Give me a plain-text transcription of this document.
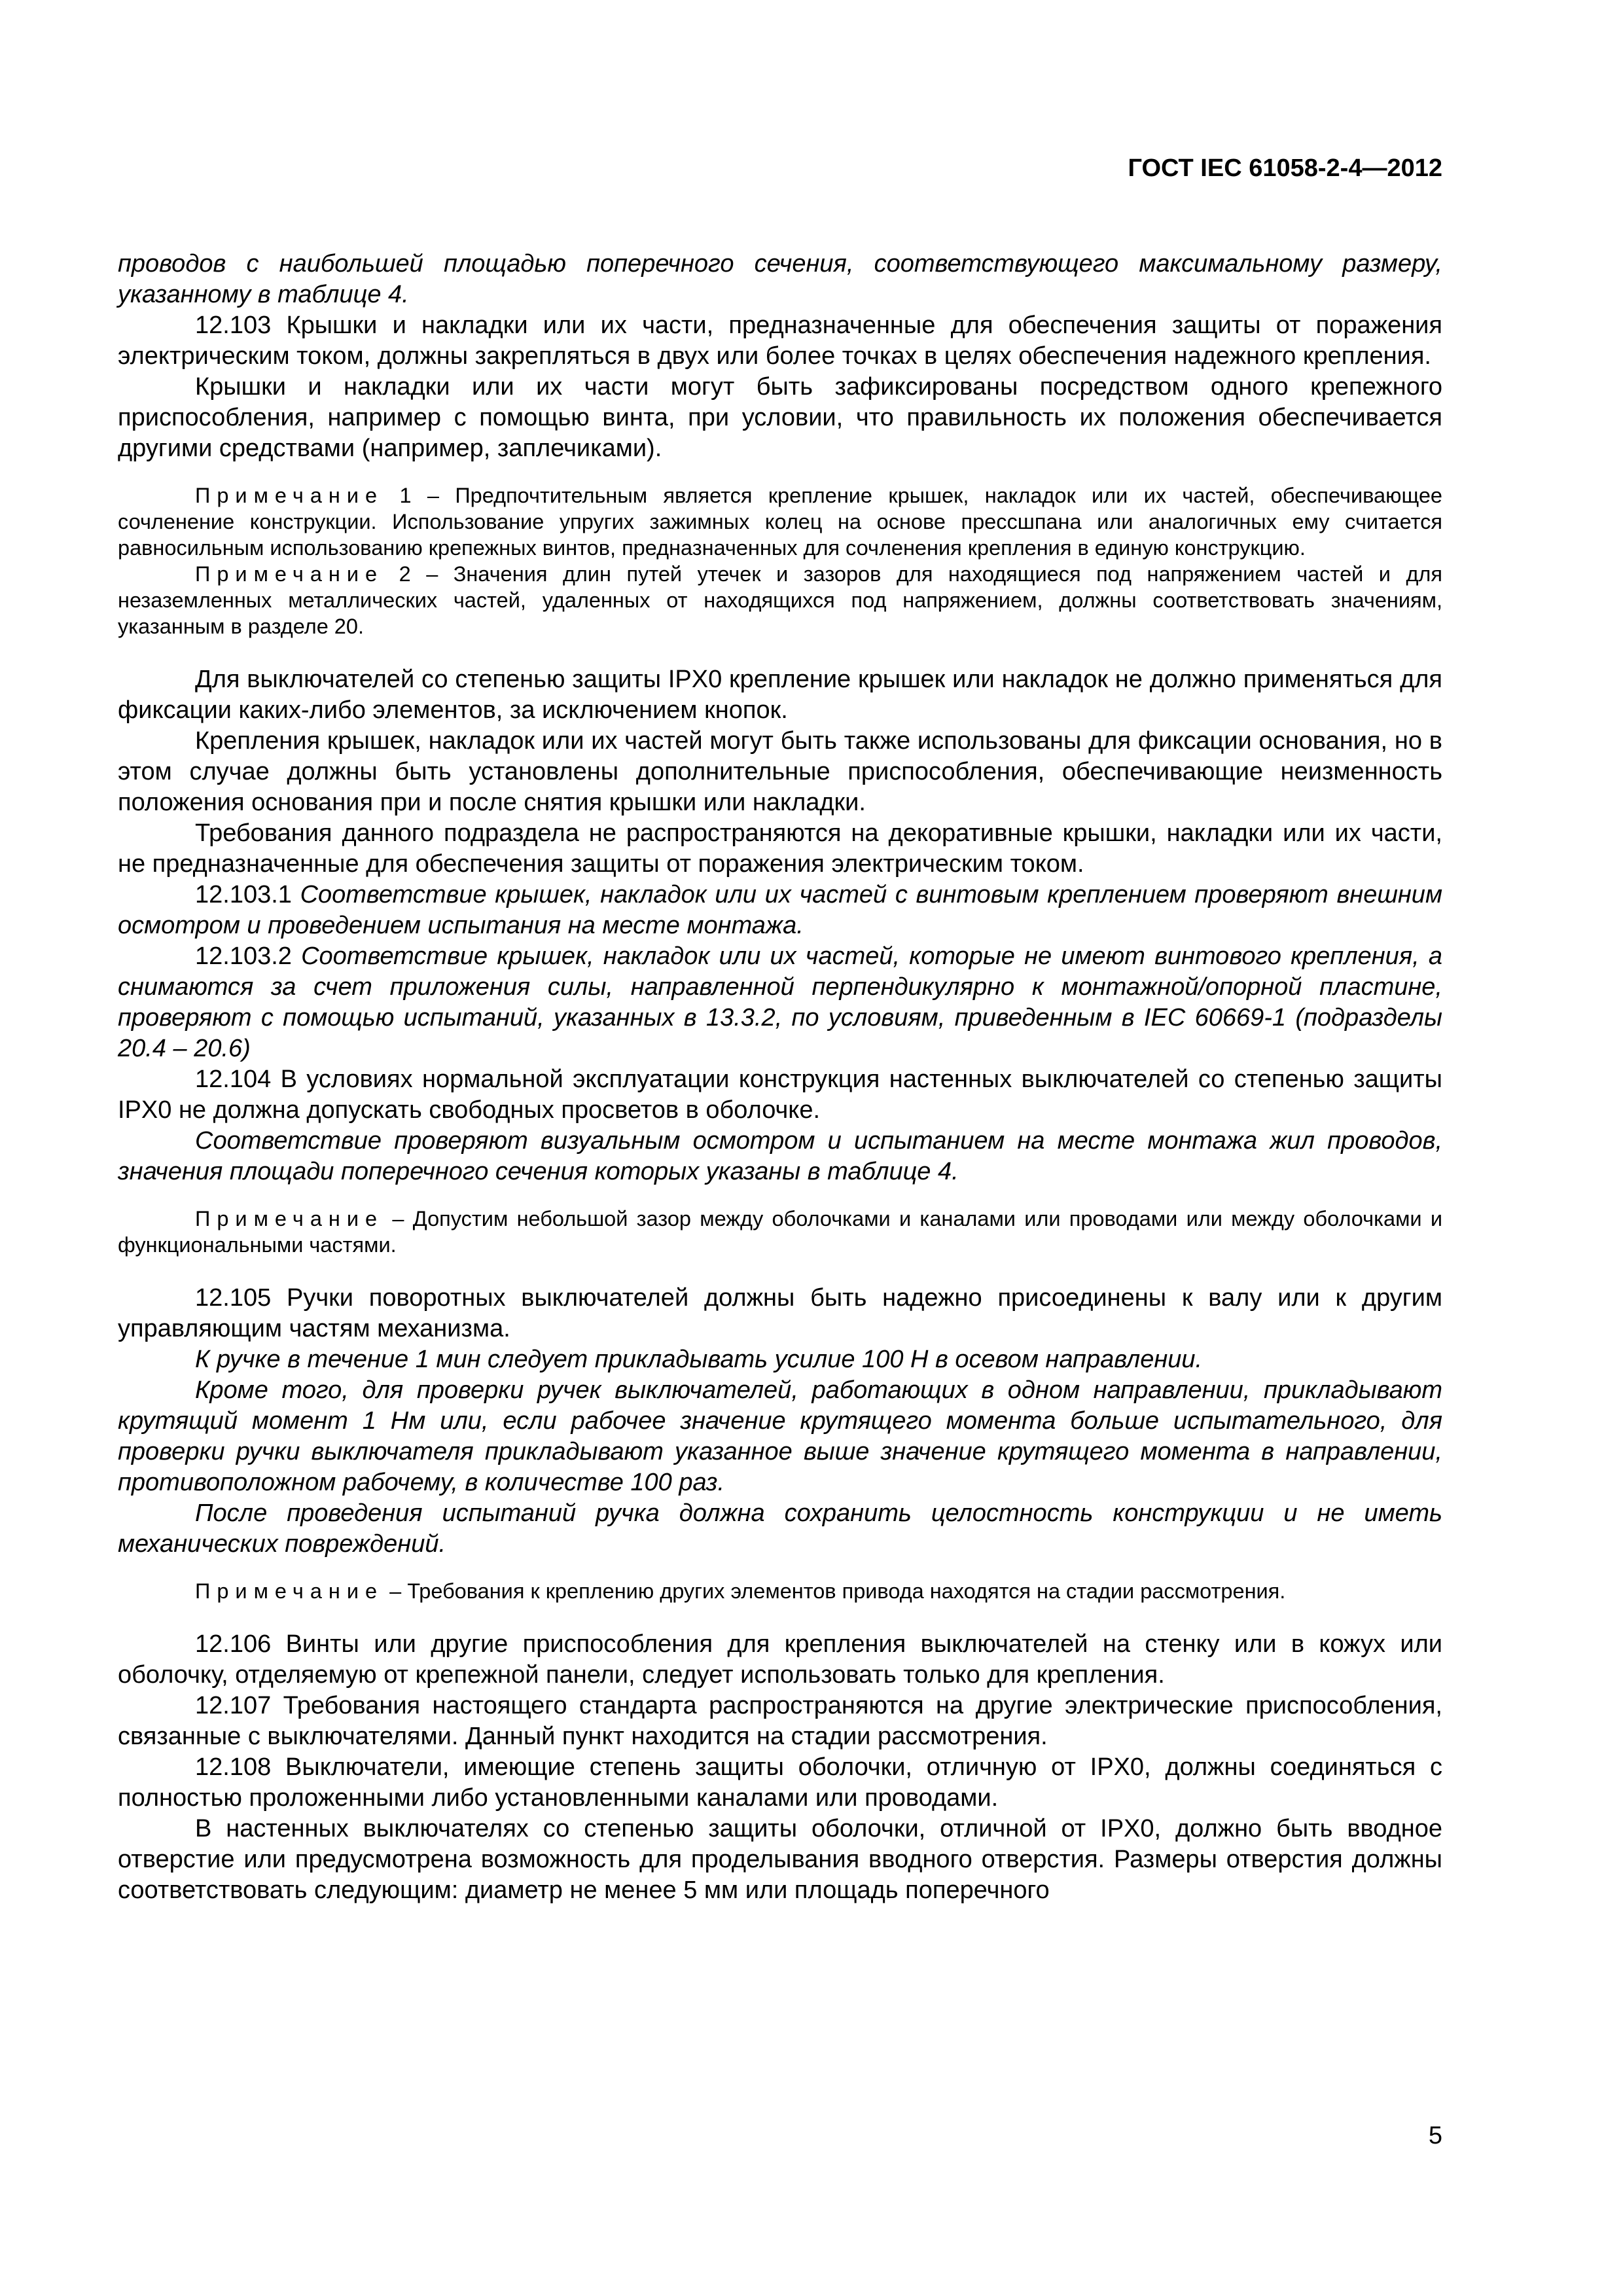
ГОСТ IEC 61058-2-4—2012

проводов с наибольшей площадью поперечного сечения, соответствующего максимальному размеру, указанному в таблице 4.

12.103 Крышки и накладки или их части, предназначенные для обеспечения защиты от поражения электрическим током, должны закрепляться в двух или более точках в целях обеспечения надежного крепления.

Крышки и накладки или их части могут быть зафиксированы посредством одного крепежного приспособления, например с помощью винта, при условии, что правильность их положения обеспечивается другими средствами (например, заплечиками).

Примечание 1 – Предпочтительным является крепление крышек, накладок или их частей, обеспечивающее сочленение конструкции. Использование упругих зажимных колец на основе прессшпана или аналогичных ему считается равносильным использованию крепежных винтов, предназначенных для сочленения крепления в единую конструкцию.

Примечание 2 – Значения длин путей утечек и зазоров для находящиеся под напряжением частей и для незаземленных металлических частей, удаленных от находящихся под напряжением, должны соответствовать значениям, указанным в разделе 20.

Для выключателей со степенью защиты IPX0 крепление крышек или накладок не должно применяться для фиксации каких-либо элементов, за исключением кнопок.

Крепления крышек, накладок или их частей могут быть также использованы для фиксации основания, но в этом случае должны быть установлены дополнительные приспособления, обеспечивающие неизменность положения основания при и после снятия крышки или накладки.

Требования данного подраздела не распространяются на декоративные крышки, накладки или их части, не предназначенные для обеспечения защиты от поражения электрическим током.

12.103.1 Соответствие крышек, накладок или их частей с винтовым креплением проверяют внешним осмотром и проведением испытания на месте монтажа.

12.103.2 Соответствие крышек, накладок или их частей, которые не имеют винтового крепления, а снимаются за счет приложения силы, направленной перпендикулярно к монтажной/опорной пластине, проверяют с помощью испытаний, указанных в 13.3.2, по условиям, приведенным в IEC 60669-1 (подразделы 20.4 – 20.6)

12.104 В условиях нормальной эксплуатации конструкция настенных выключателей со степенью защиты IPX0 не должна допускать свободных просветов в оболочке.

Соответствие проверяют визуальным осмотром и испытанием на месте монтажа жил проводов, значения площади поперечного сечения которых указаны в таблице 4.

Примечание – Допустим небольшой зазор между оболочками и каналами или проводами или между оболочками и функциональными частями.

12.105 Ручки поворотных выключателей должны быть надежно присоединены к валу или к другим управляющим частям механизма.

К ручке в течение 1 мин следует прикладывать усилие 100 Н в осевом направлении.

Кроме того, для проверки ручек выключателей, работающих в одном направлении, прикладывают крутящий момент 1 Нм или, если рабочее значение крутящего момента больше испытательного, для проверки ручки выключателя прикладывают указанное выше значение крутящего момента в направлении, противоположном рабочему, в количестве 100 раз.

После проведения испытаний ручка должна сохранить целостность конструкции и не иметь механических повреждений.

Примечание – Требования к креплению других элементов привода находятся на стадии рассмотрения.

12.106 Винты или другие приспособления для крепления выключателей на стенку или в кожух или оболочку, отделяемую от крепежной панели, следует использовать только для крепления.

12.107 Требования настоящего стандарта распространяются на другие электрические приспособления, связанные с выключателями. Данный пункт находится на стадии рассмотрения.

12.108 Выключатели, имеющие степень защиты оболочки, отличную от IPX0, должны соединяться с полностью проложенными либо установленными каналами или проводами.

В настенных выключателях со степенью защиты оболочки, отличной от IPX0, должно быть вводное отверстие или предусмотрена возможность для проделывания вводного отверстия. Размеры отверстия должны соответствовать следующим: диаметр не менее 5 мм или площадь поперечного

5
